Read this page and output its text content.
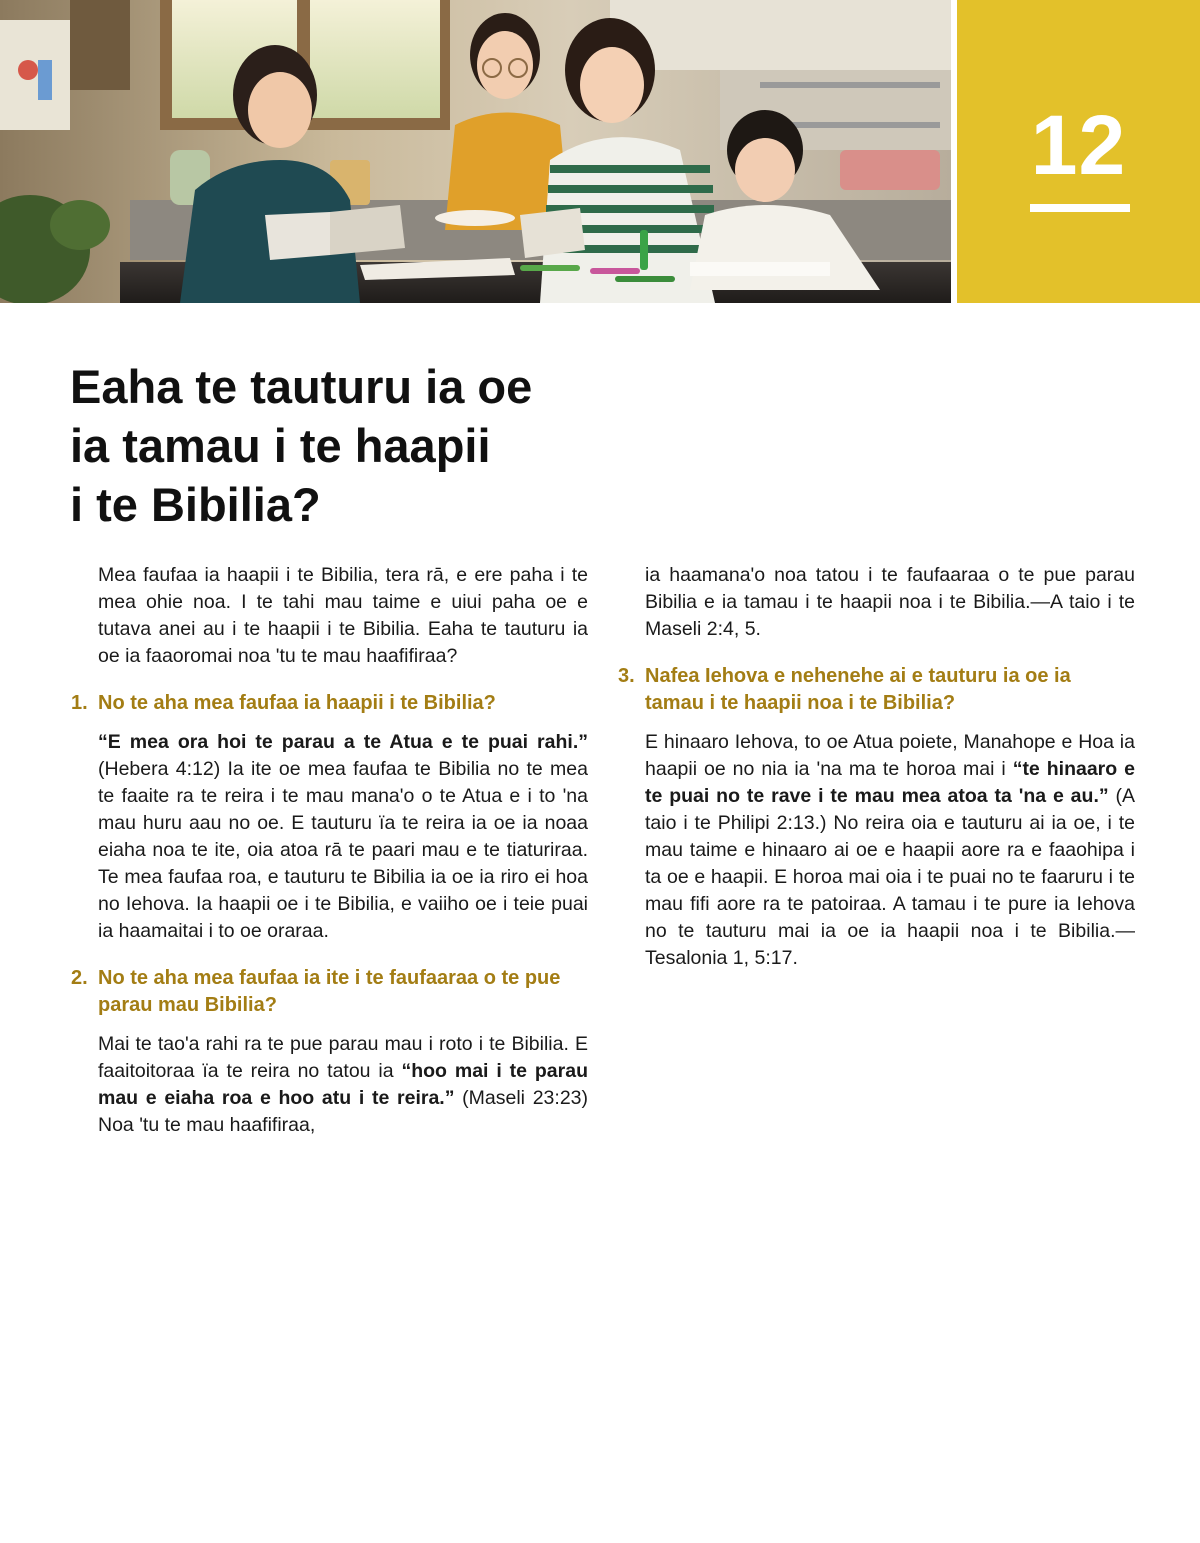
12
Eaha te tauturu ia oe
ia tamau i te haapii
i te Bibilia?

Mea faufaa ia haapii i te Bibilia, tera rā, e ere paha i te mea ohie noa. I te tahi mau taime e uiui paha oe e tutava anei au i te haapii i te Bibilia. Eaha te tauturu ia oe ia faaoromai noa 'tu te mau haafifiraa?

1. No te aha mea faufaa ia haapii i te Bibilia?

“E mea ora hoi te parau a te Atua e te puai rahi.” (Hebera 4:12) Ia ite oe mea faufaa te Bibilia no te mea te faaite ra te reira i te mau mana'o o te Atua e i to 'na mau huru aau no oe. E tauturu ïa te reira ia oe ia noaa eiaha noa te ite, oia atoa rā te paari mau e te tiaturiraa. Te mea faufaa roa, e tauturu te Bibilia ia oe ia riro ei hoa no Iehova. Ia haapii oe i te Bibilia, e vaiiho oe i teie puai ia haamaitai i to oe oraraa.

2. No te aha mea faufaa ia ite i te faufaaraa o te pue parau mau Bibilia?

Mai te tao'a rahi ra te pue parau mau i roto i te Bibilia. E faaitoitoraa ïa te reira no tatou ia “hoo mai i te parau mau e eiaha roa e hoo atu i te reira.” (Maseli 23:23) Noa 'tu te mau haafifiraa,

ia haamana'o noa tatou i te faufaaraa o te pue parau Bibilia e ia tamau i te haapii noa i te Bibilia.—A taio i te Maseli 2:4, 5.

3. Nafea Iehova e nehenehe ai e tauturu ia oe ia tamau i te haapii noa i te Bibilia?

E hinaaro Iehova, to oe Atua poiete, Manahope e Hoa ia haapii oe no nia ia 'na ma te horoa mai i “te hinaaro e te puai no te rave i te mau mea atoa ta 'na e au.” (A taio i te Philipi 2:13.) No reira oia e tauturu ai ia oe, i te mau taime e hinaaro ai oe e haapii aore ra e faaohipa i ta oe e haapii. E horoa mai oia i te puai no te faaruru i te mau fifi aore ra te patoiraa. A tamau i te pure ia Iehova no te tauturu mai ia oe ia haapii noa i te Bibilia.—Tesalonia 1, 5:17.
